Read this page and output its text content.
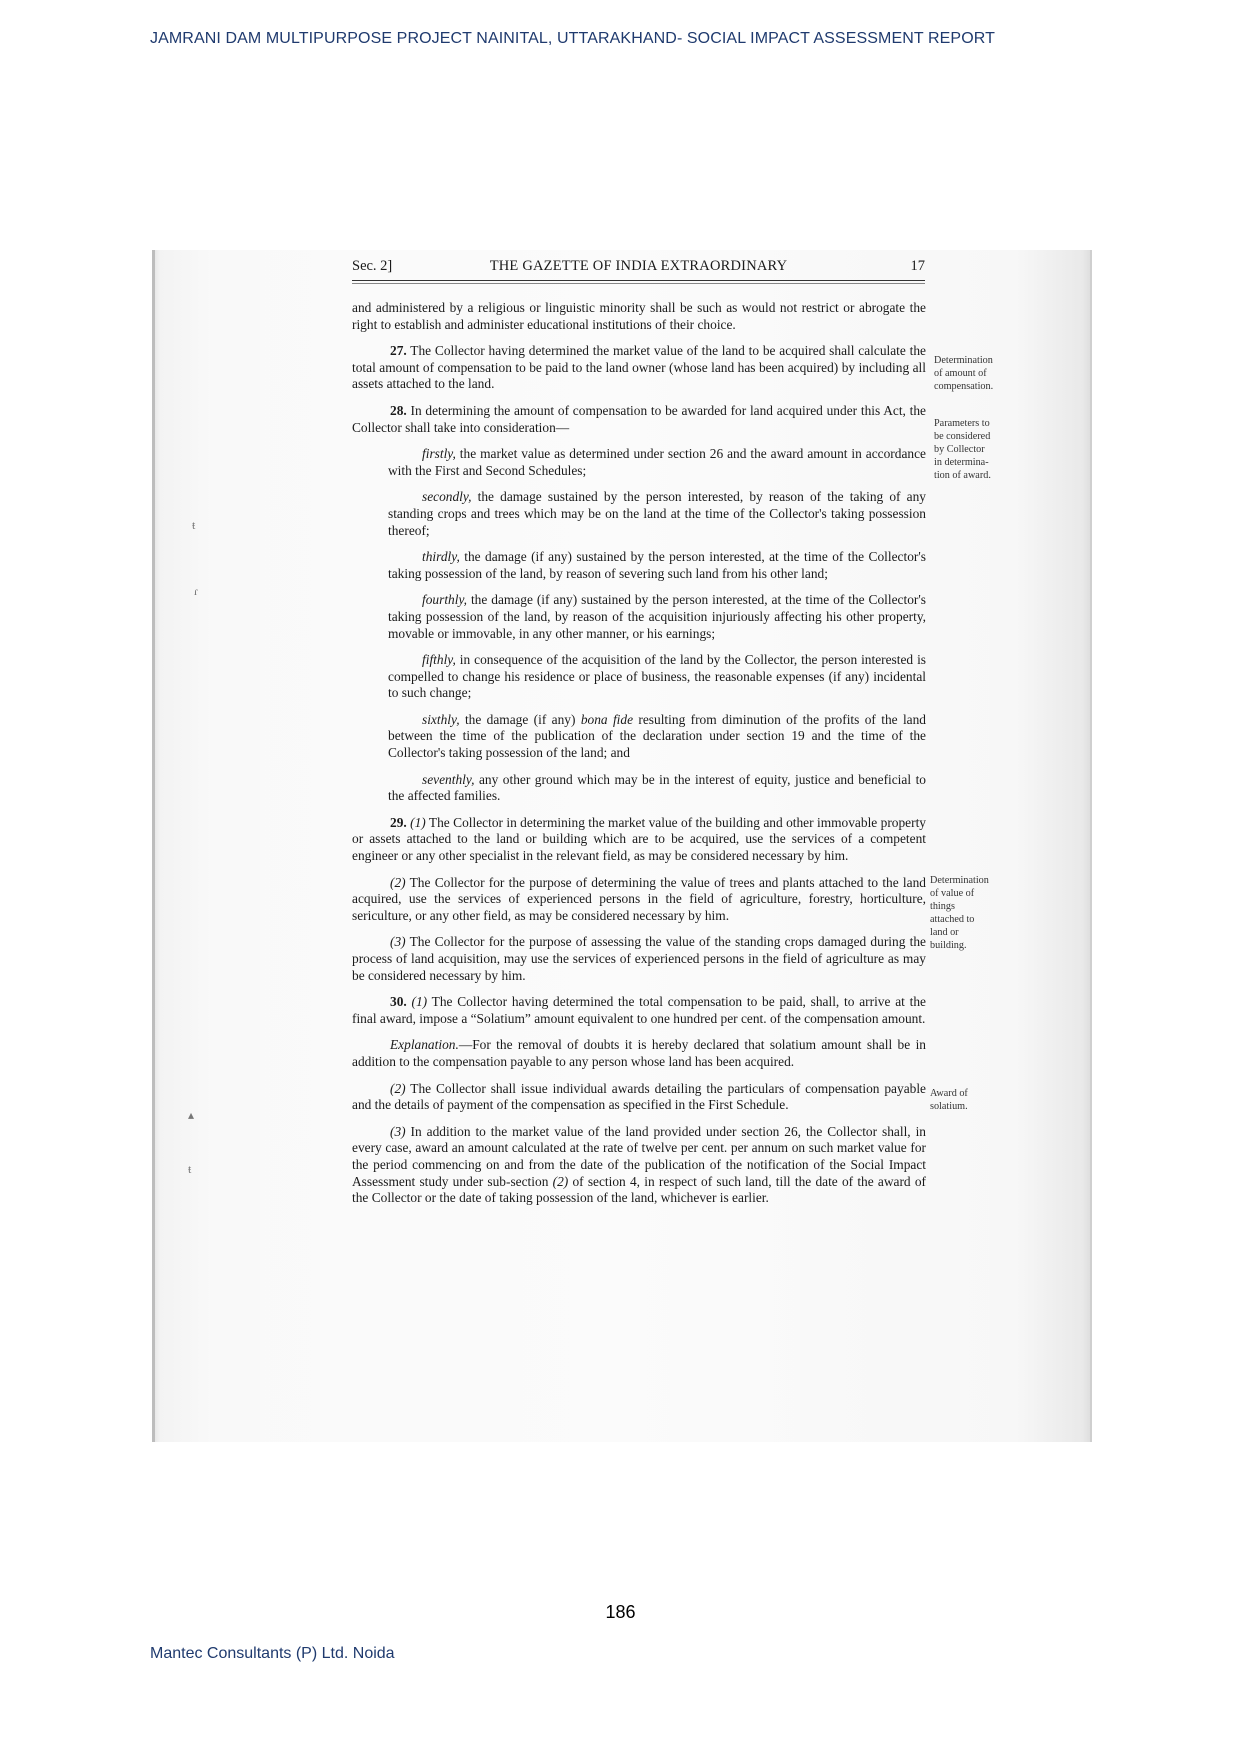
JAMRANI DAM MULTIPURPOSE PROJECT NAINITAL, UTTARAKHAND- SOCIAL IMPACT ASSESSMENT REPORT
Sec. 2]	THE GAZETTE OF INDIA EXTRAORDINARY	17

and administered by a religious or linguistic minority shall be such as would not restrict or abrogate the right to establish and administer educational institutions of their choice.

27. The Collector having determined the market value of the land to be acquired shall calculate the total amount of compensation to be paid to the land owner (whose land has been acquired) by including all assets attached to the land.

28. In determining the amount of compensation to be awarded for land acquired under this Act, the Collector shall take into consideration—

firstly, the market value as determined under section 26 and the award amount in accordance with the First and Second Schedules;

secondly, the damage sustained by the person interested, by reason of the taking of any standing crops and trees which may be on the land at the time of the Collector's taking possession thereof;

thirdly, the damage (if any) sustained by the person interested, at the time of the Collector's taking possession of the land, by reason of severing such land from his other land;

fourthly, the damage (if any) sustained by the person interested, at the time of the Collector's taking possession of the land, by reason of the acquisition injuriously affecting his other property, movable or immovable, in any other manner, or his earnings;

fifthly, in consequence of the acquisition of the land by the Collector, the person interested is compelled to change his residence or place of business, the reasonable expenses (if any) incidental to such change;

sixthly, the damage (if any) bona fide resulting from diminution of the profits of the land between the time of the publication of the declaration under section 19 and the time of the Collector's taking possession of the land; and

seventhly, any other ground which may be in the interest of equity, justice and beneficial to the affected families.

29. (1) The Collector in determining the market value of the building and other immovable property or assets attached to the land or building which are to be acquired, use the services of a competent engineer or any other specialist in the relevant field, as may be considered necessary by him.

(2) The Collector for the purpose of determining the value of trees and plants attached to the land acquired, use the services of experienced persons in the field of agriculture, forestry, horticulture, sericulture, or any other field, as may be considered necessary by him.

(3) The Collector for the purpose of assessing the value of the standing crops damaged during the process of land acquisition, may use the services of experienced persons in the field of agriculture as may be considered necessary by him.

30. (1) The Collector having determined the total compensation to be paid, shall, to arrive at the final award, impose a “Solatium” amount equivalent to one hundred per cent. of the compensation amount.

Explanation.—For the removal of doubts it is hereby declared that solatium amount shall be in addition to the compensation payable to any person whose land has been acquired.

(2) The Collector shall issue individual awards detailing the particulars of compensation payable and the details of payment of the compensation as specified in the First Schedule.

(3) In addition to the market value of the land provided under section 26, the Collector shall, in every case, award an amount calculated at the rate of twelve per cent. per annum on such market value for the period commencing on and from the date of the publication of the notification of the Social Impact Assessment study under sub-section (2) of section 4, in respect of such land, till the date of the award of the Collector or the date of taking possession of the land, whichever is earlier.

Determination
of amount of
compensation.
Parameters to
be considered
by Collector
in determina-
tion of award.
Determination
of value of
things
attached to
land or
building.
Award of
solatium.
ŧ
ɾ
▴
ŧ
186
Mantec Consultants (P) Ltd. Noida
